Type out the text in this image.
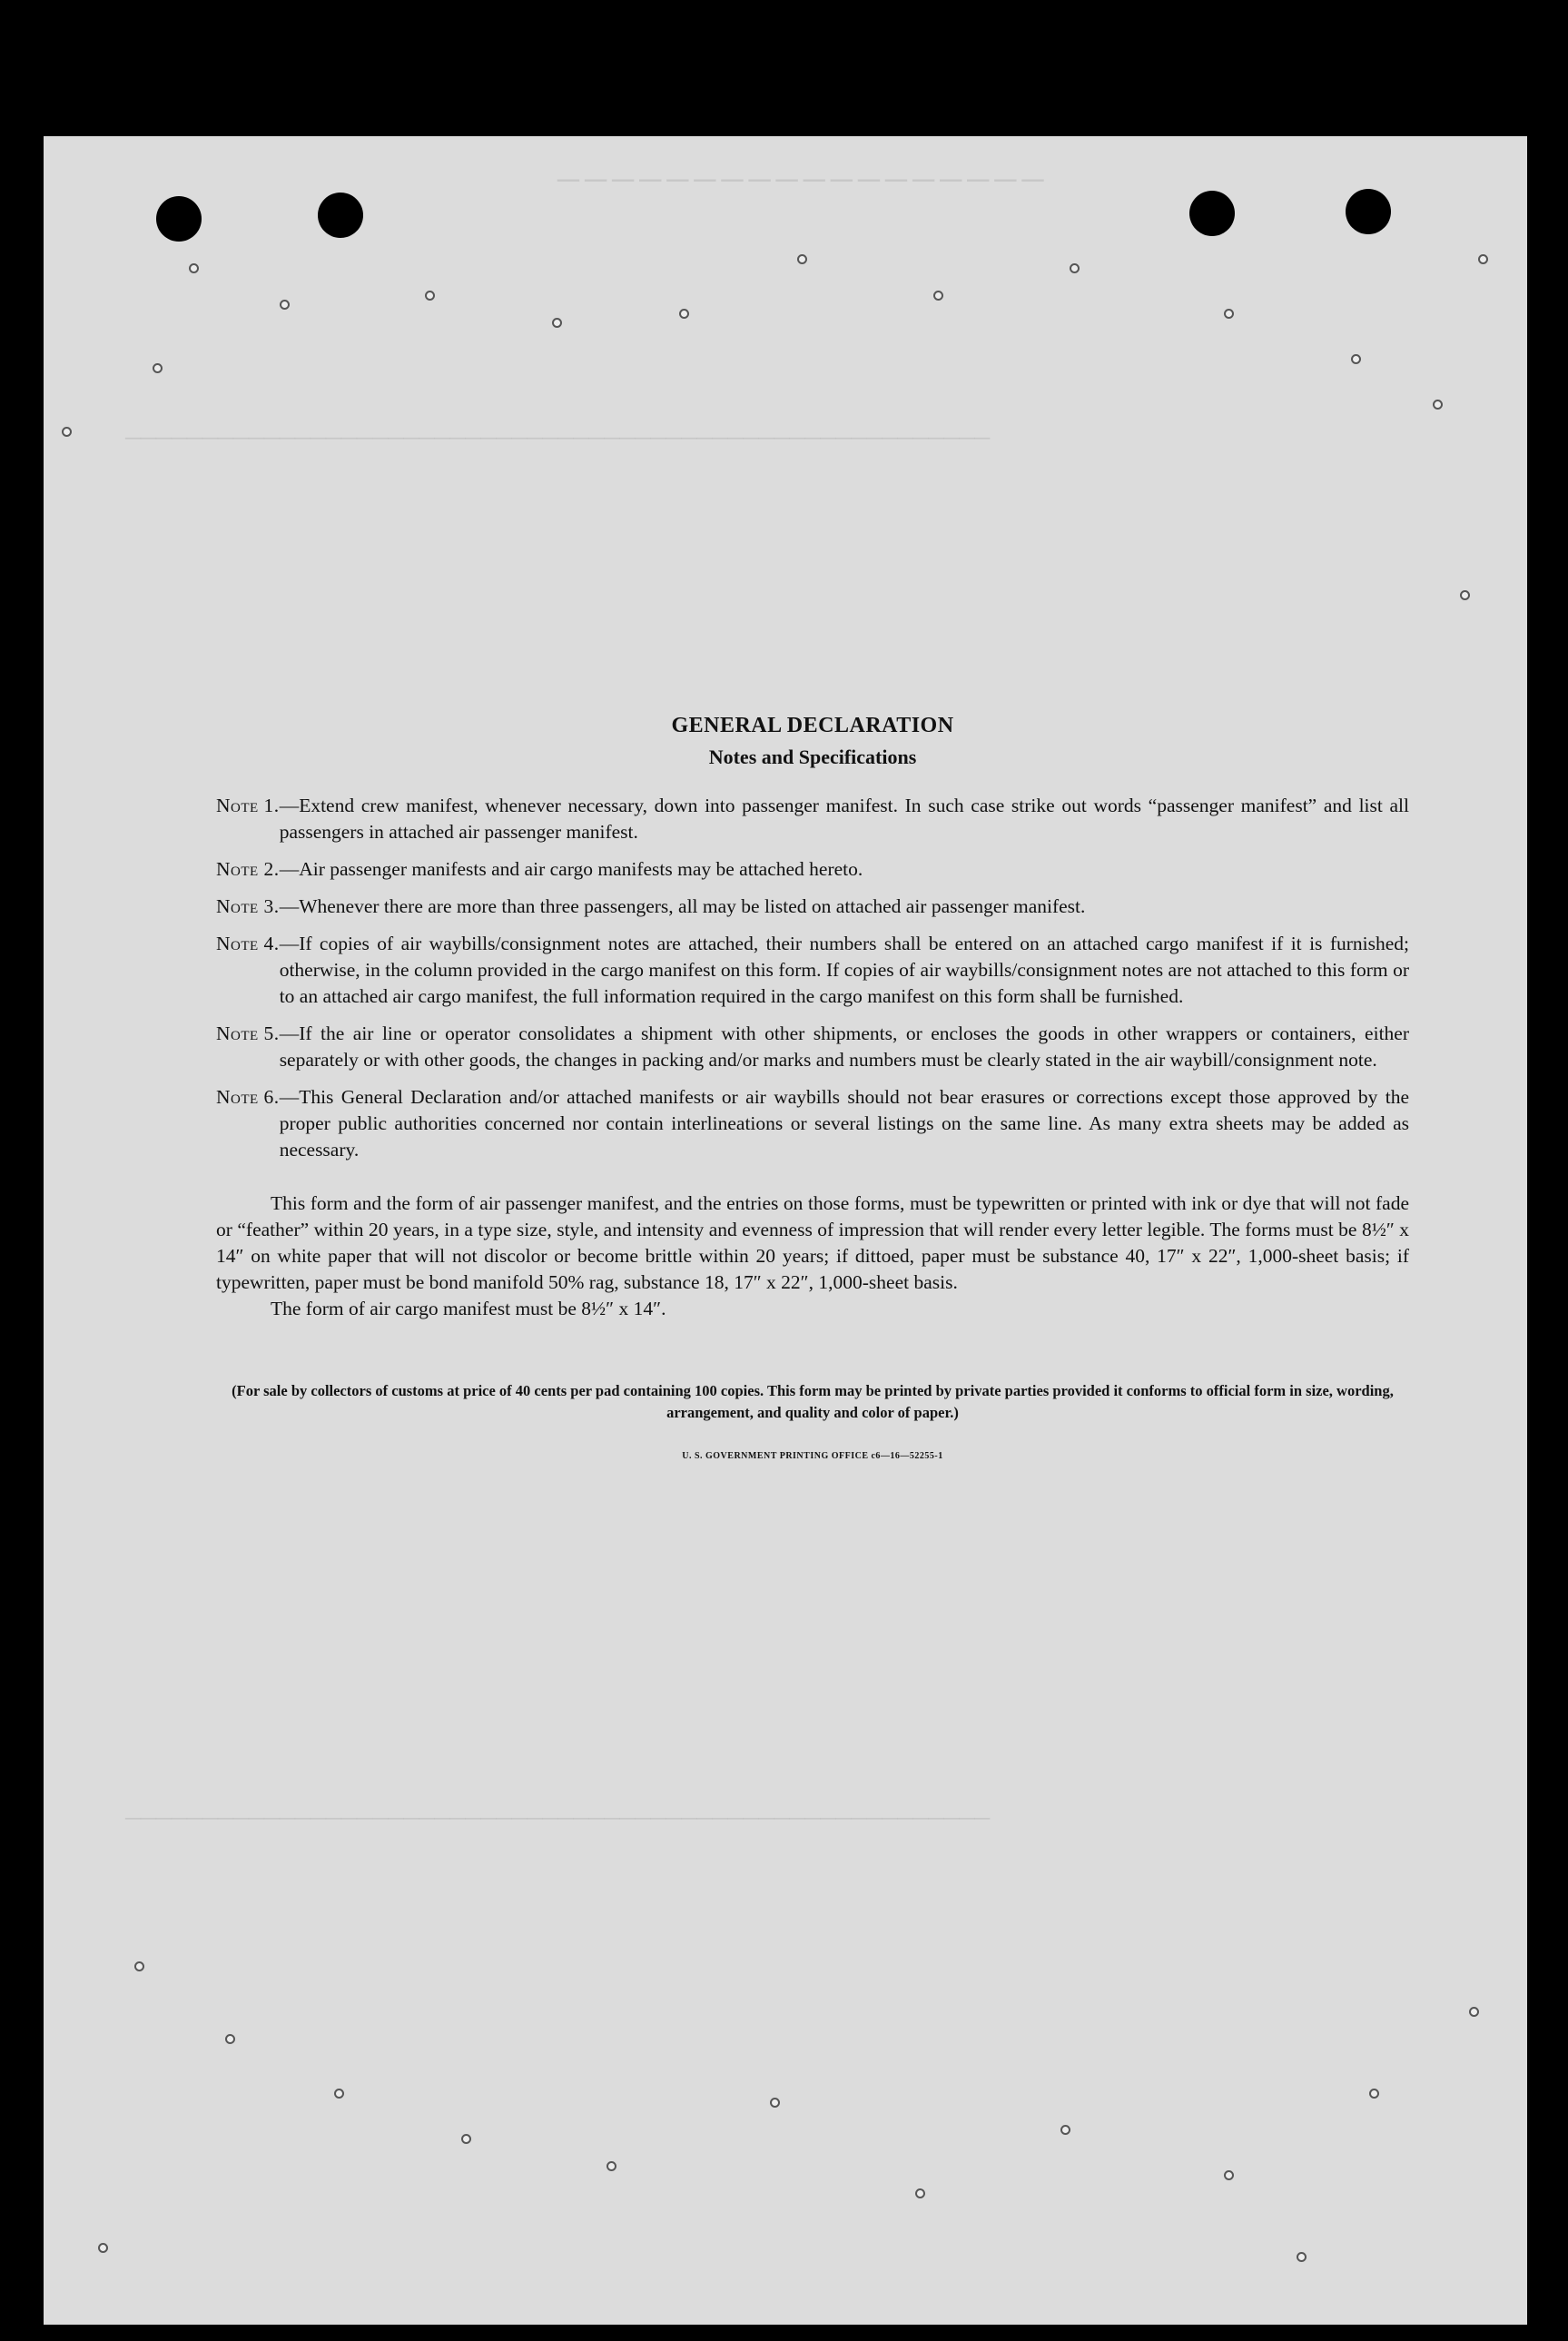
──────────────────
────────────────────────────────────────────────────────
────────────────────────────────────────────────────────
GENERAL DECLARATION
Notes and Specifications
Note 1. —Extend crew manifest, whenever necessary, down into passenger manifest. In such case strike out words “passenger manifest” and list all passengers in attached air passenger manifest.
Note 2. —Air passenger manifests and air cargo manifests may be attached hereto.
Note 3. —Whenever there are more than three passengers, all may be listed on attached air passenger manifest.
Note 4. —If copies of air waybills/consignment notes are attached, their numbers shall be entered on an attached cargo manifest if it is furnished; otherwise, in the column provided in the cargo manifest on this form. If copies of air waybills/consignment notes are not attached to this form or to an attached air cargo manifest, the full information required in the cargo manifest on this form shall be furnished.
Note 5. —If the air line or operator consolidates a shipment with other shipments, or encloses the goods in other wrappers or containers, either separately or with other goods, the changes in packing and/or marks and numbers must be clearly stated in the air waybill/consignment note.
Note 6. —This General Declaration and/or attached manifests or air waybills should not bear erasures or corrections except those approved by the proper public authorities concerned nor contain interlineations or several listings on the same line. As many extra sheets may be added as necessary.
This form and the form of air passenger manifest, and the entries on those forms, must be typewritten or printed with ink or dye that will not fade or “feather” within 20 years, in a type size, style, and intensity and evenness of impression that will render every letter legible. The forms must be 8½″ x 14″ on white paper that will not discolor or become brittle within 20 years; if dittoed, paper must be substance 40, 17″ x 22″, 1,000-sheet basis; if typewritten, paper must be bond manifold 50% rag, substance 18, 17″ x 22″, 1,000-sheet basis.
The form of air cargo manifest must be 8½″ x 14″.
(For sale by collectors of customs at price of 40 cents per pad containing 100 copies. This form may be printed by private parties provided it conforms to official form in size, wording, arrangement, and quality and color of paper.)
U. S. GOVERNMENT PRINTING OFFICE c6—16—52255-1
